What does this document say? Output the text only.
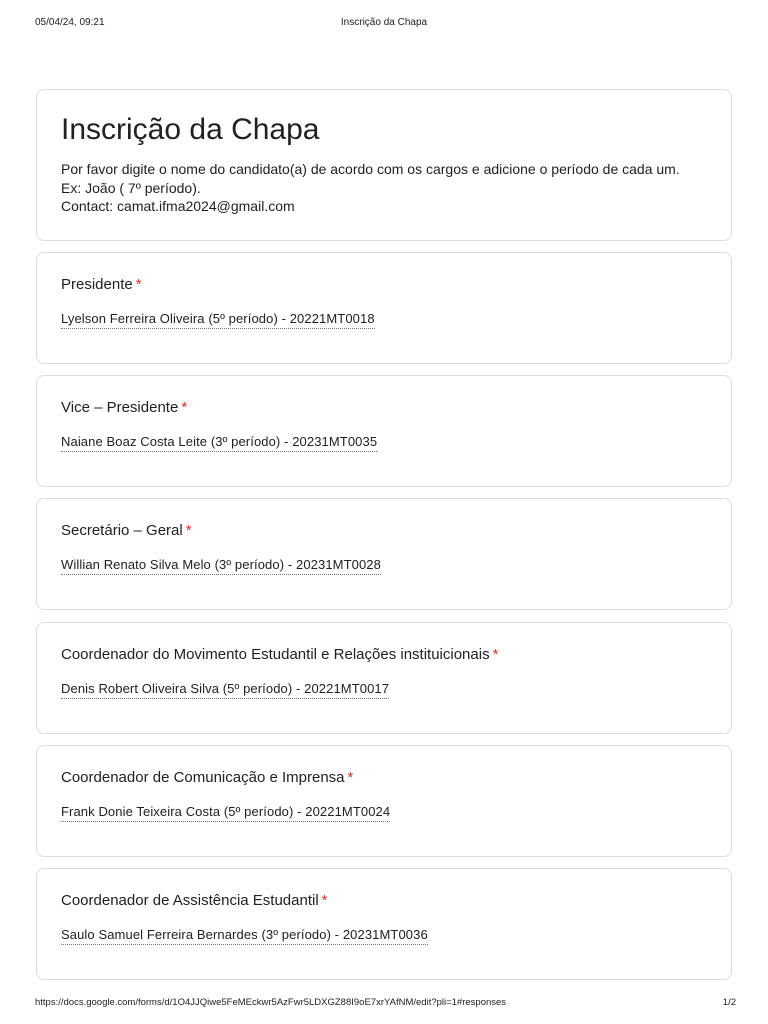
05/04/24, 09:21	Inscrição da Chapa
Inscrição da Chapa
Por favor digite o nome do candidato(a) de acordo com os cargos e adicione o período de cada um.
Ex: João ( 7º período).
Contact: camat.ifma2024@gmail.com
Presidente *
Lyelson Ferreira Oliveira (5º período) - 20221MT0018
Vice – Presidente *
Naiane Boaz Costa Leite (3º período) - 20231MT0035
Secretário – Geral *
Willian Renato Silva Melo (3º período) - 20231MT0028
Coordenador do Movimento Estudantil e Relações instituicionais *
Denis Robert Oliveira Silva (5º período) - 20221MT0017
Coordenador de Comunicação e Imprensa *
Frank Donie Teixeira Costa (5º período) - 20221MT0024
Coordenador de Assistência Estudantil *
Saulo Samuel Ferreira Bernardes (3º período) - 20231MT0036
https://docs.google.com/forms/d/1O4JJQiwe5FeMEckwr5AzFwr5LDXGZ88I9oE7xrYAfNM/edit?pli=1#responses	1/2
